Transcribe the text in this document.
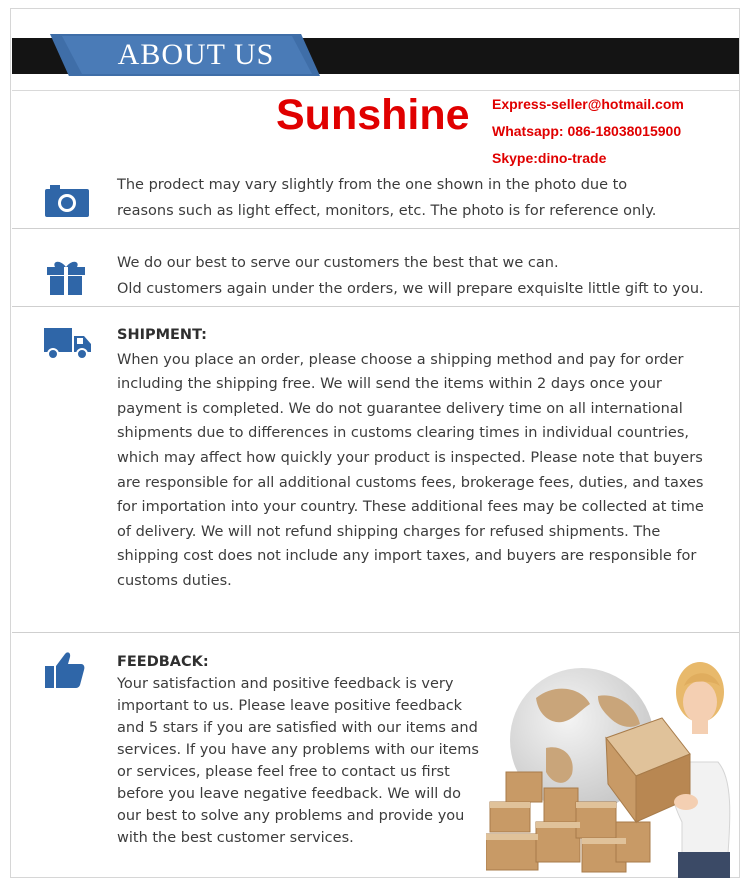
ABOUT US
Sunshine Express-seller@hotmail.com
Whatsapp: 086-18038015900
Skype:dino-trade
The prodect may vary slightly from the one shown in the photo due to
reasons such as light effect, monitors, etc. The photo is for reference only.
We do our best to serve our customers the best that we can.
Old customers again under the orders, we will prepare exquislte little gift to you.
SHIPMENT:
When you place an order, please choose a shipping method and pay for order
including the shipping free. We will send the items within 2 days once your
payment is completed. We do not guarantee delivery time on all international
shipments due to differences in customs clearing times in individual countries,
which may affect how quickly your product is inspected. Please note that buyers
are responsible for all additional customs fees, brokerage fees, duties, and taxes
for importation into your country. These additional fees may be collected at time
of delivery. We will not refund shipping charges for refused shipments. The
shipping cost does not include any import taxes, and buyers are responsible for
customs duties.
FEEDBACK:
Your satisfaction and positive feedback is very
important to us. Please leave positive feedback
and 5 stars if you are satisfied with our items and
services. If you have any problems with our items
or services, please feel free to contact us first
before you leave negative feedback. We will do
our best to solve any problems and provide you
with the best customer services.
